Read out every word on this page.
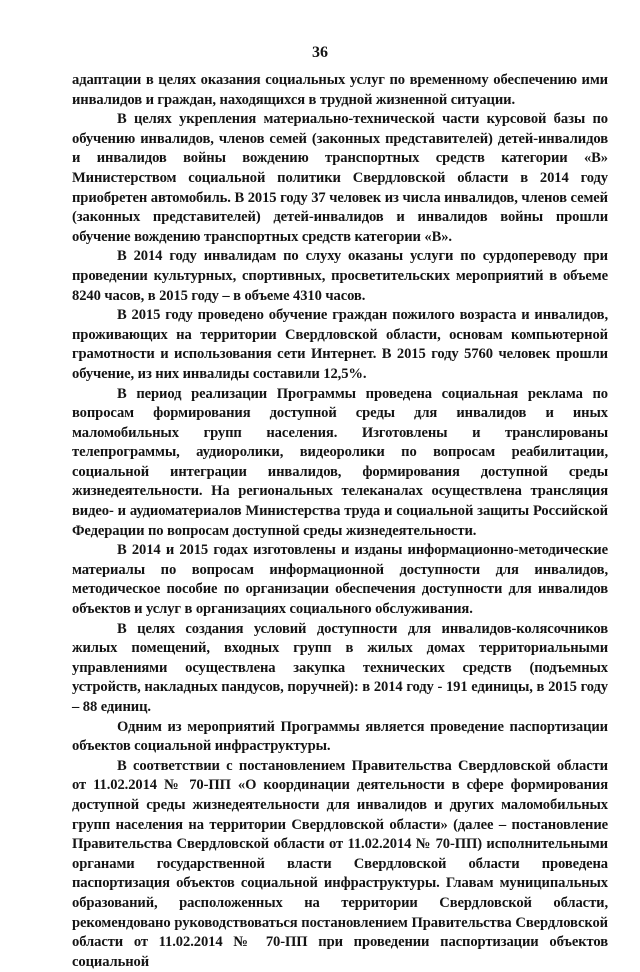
36

адаптации в целях оказания социальных услуг по временному обеспечению ими инвалидов и граждан, находящихся в трудной жизненной ситуации.

В целях укрепления материально-технической части курсовой базы по обучению инвалидов, членов семей (законных представителей) детей-инвалидов и инвалидов войны вождению транспортных средств категории «В» Министерством социальной политики Свердловской области в 2014 году приобретен автомобиль. В 2015 году 37 человек из числа инвалидов, членов семей (законных представителей) детей-инвалидов и инвалидов войны прошли обучение вождению транспортных средств категории «В».

В 2014 году инвалидам по слуху оказаны услуги по сурдопереводу при проведении культурных, спортивных, просветительских мероприятий в объеме 8240 часов, в 2015 году – в объеме 4310 часов.

В 2015 году проведено обучение граждан пожилого возраста и инвалидов, проживающих на территории Свердловской области, основам компьютерной грамотности и использования сети Интернет. В 2015 году 5760 человек прошли обучение, из них инвалиды составили 12,5%.

В период реализации Программы проведена социальная реклама по вопросам формирования доступной среды для инвалидов и иных маломобильных групп населения. Изготовлены и транслированы телепрограммы, аудиоролики, видеоролики по вопросам реабилитации, социальной интеграции инвалидов, формирования доступной среды жизнедеятельности. На региональных телеканалах осуществлена трансляция видео- и аудиоматериалов Министерства труда и социальной защиты Российской Федерации по вопросам доступной среды жизнедеятельности.

В 2014 и 2015 годах изготовлены и изданы информационно-методические материалы по вопросам информационной доступности для инвалидов, методическое пособие по организации обеспечения доступности для инвалидов объектов и услуг в организациях социального обслуживания.

В целях создания условий доступности для инвалидов-колясочников жилых помещений, входных групп в жилых домах территориальными управлениями осуществлена закупка технических средств (подъемных устройств, накладных пандусов, поручней): в 2014 году - 191 единицы, в 2015 году – 88 единиц.

Одним из мероприятий Программы является проведение паспортизации объектов социальной инфраструктуры.

В соответствии с постановлением Правительства Свердловской области от 11.02.2014 № 70-ПП «О координации деятельности в сфере формирования доступной среды жизнедеятельности для инвалидов и других маломобильных групп населения на территории Свердловской области» (далее – постановление Правительства Свердловской области от 11.02.2014 № 70-ПП) исполнительными органами государственной власти Свердловской области проведена паспортизация объектов социальной инфраструктуры. Главам муниципальных образований, расположенных на территории Свердловской области, рекомендовано руководствоваться постановлением Правительства Свердловской области от 11.02.2014 № 70-ПП при проведении паспортизации объектов социальной
